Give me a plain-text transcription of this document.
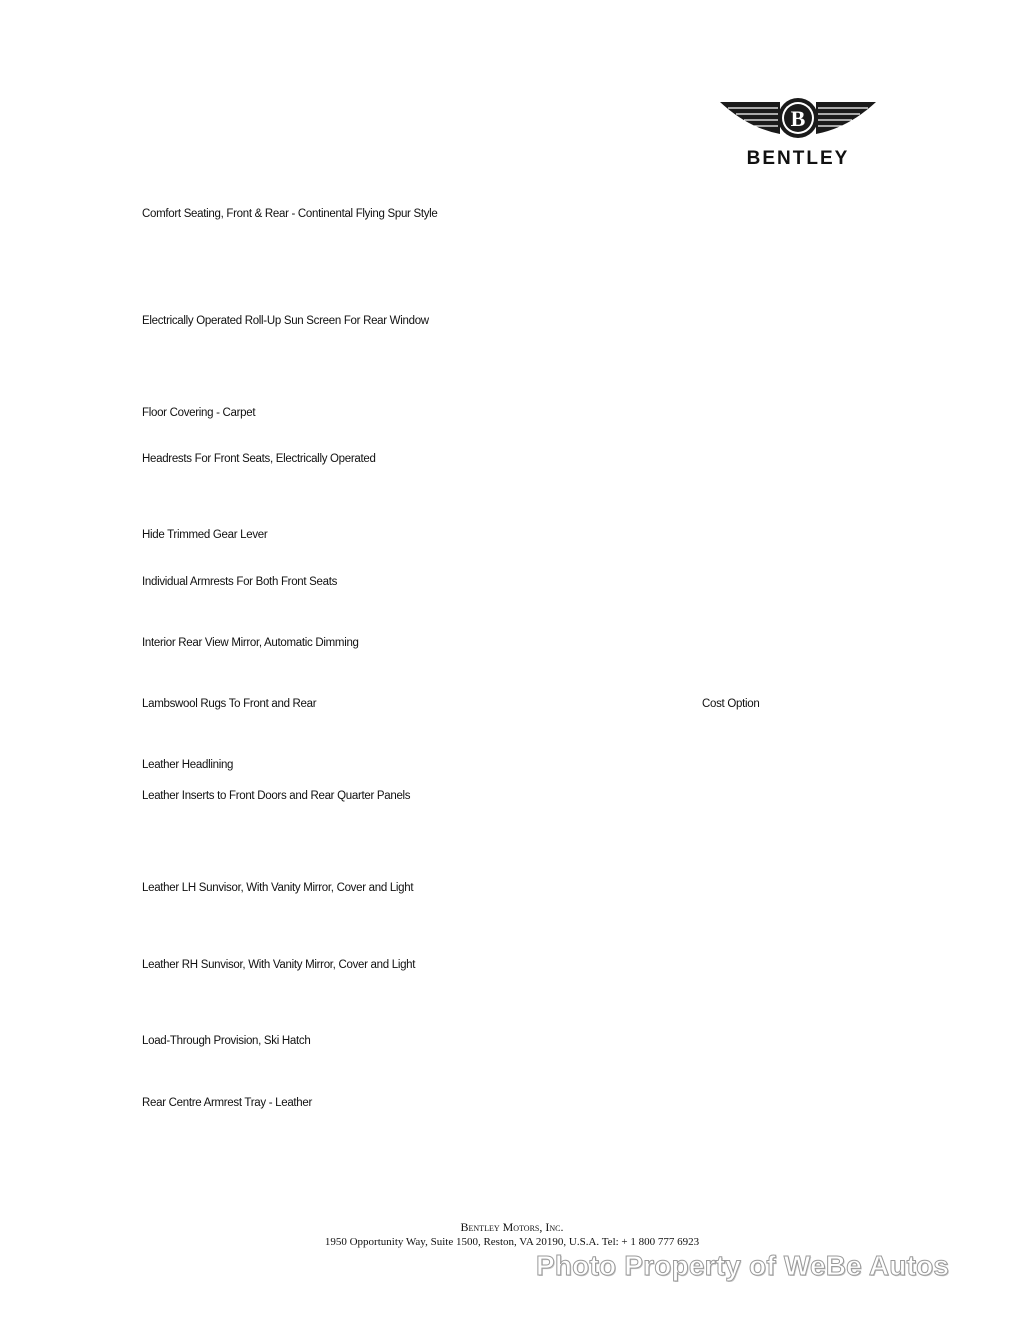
B
BENTLEY
Comfort Seating, Front & Rear - Continental Flying Spur Style
Electrically Operated Roll-Up Sun Screen For Rear Window
Floor Covering - Carpet
Headrests For Front Seats, Electrically Operated
Hide Trimmed Gear Lever
Individual Armrests For Both Front Seats
Interior Rear View Mirror, Automatic Dimming
Lambswool Rugs To Front and Rear	Cost Option
Leather Headlining
Leather Inserts to Front Doors and Rear Quarter Panels
Leather LH Sunvisor, With Vanity Mirror, Cover and Light
Leather RH Sunvisor, With Vanity Mirror, Cover and Light
Load-Through Provision, Ski Hatch
Rear Centre Armrest Tray - Leather
Bentley Motors, Inc.
1950 Opportunity Way, Suite 1500, Reston, VA 20190, U.S.A. Tel: + 1 800 777 6923
Photo Property of WeBe Autos
